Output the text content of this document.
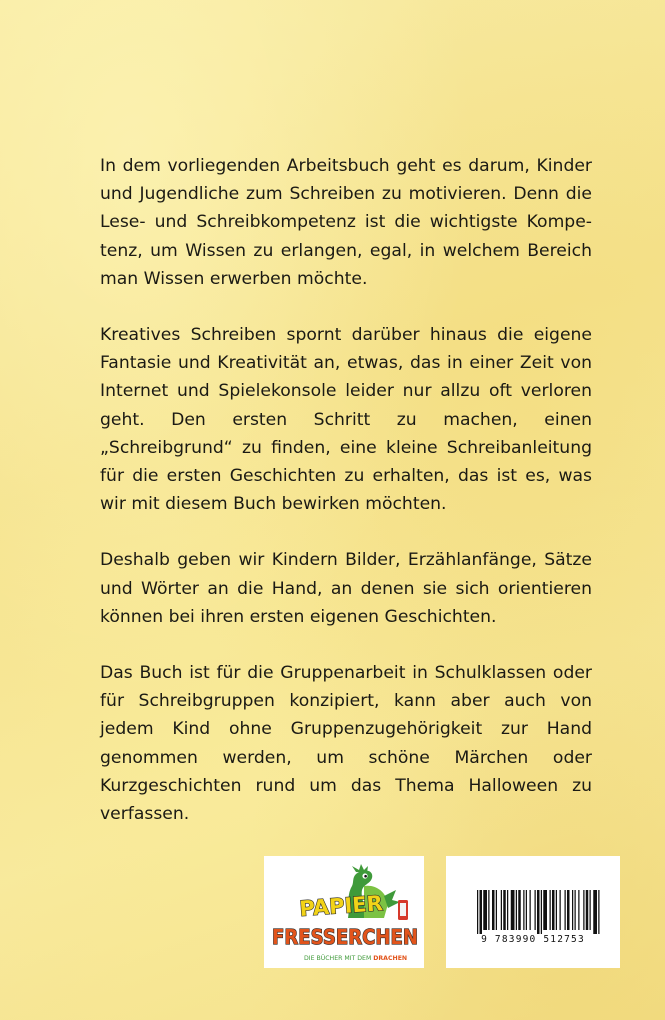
In dem vorliegenden Arbeitsbuch geht es darum, Kinder und Jugendliche zum Schreiben zu motivieren. Denn die Lese- und Schreibkompetenz ist die wichtigste Kompetenz, um Wissen zu erlangen, egal, in welchem Bereich man Wissen erwerben möchte.

Kreatives Schreiben spornt darüber hinaus die eigene Fantasie und Kreativität an, etwas, das in einer Zeit von Internet und Spielekonsole leider nur allzu oft verloren geht. Den ersten Schritt zu machen, einen „Schreibgrund“ zu finden, eine kleine Schreibanleitung für die ersten Geschichten zu erhalten, das ist es, was wir mit diesem Buch bewirken möchten.

Deshalb geben wir Kindern Bilder, Erzählanfänge, Sätze und Wörter an die Hand, an denen sie sich orientieren können bei ihren ersten eigenen Geschichten.

Das Buch ist für die Gruppenarbeit in Schulklassen oder für Schreibgruppen konzipiert, kann aber auch von jedem Kind ohne Gruppenzugehörigkeit zur Hand genommen werden, um schöne Märchen oder Kurzgeschichten rund um das Thema Halloween zu verfassen.

PAPIER
FRESSERCHEN
DIE BÜCHER MIT DEM DRACHEN
9 783990 512753
